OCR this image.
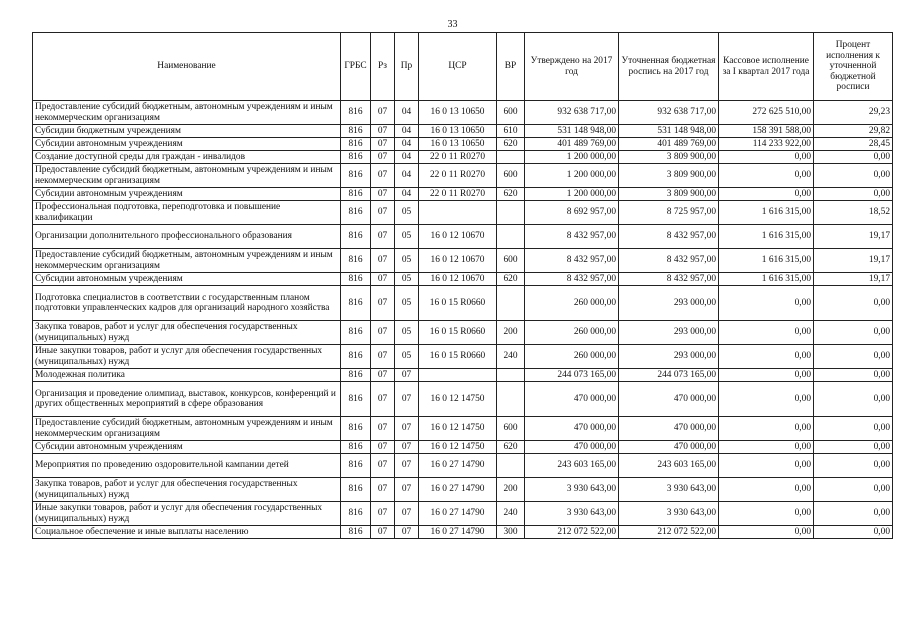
33
Наименование	ГРБС	Рз	Пр	ЦСР	ВР	Утверждено на 2017 год	Уточненная бюджетная роспись на 2017 год	Кассовое исполнение за I квартал 2017 года	Процент исполнения к уточненной бюджетной росписи
Предоставление субсидий бюджетным, автономным учреждениям и иным некоммерческим организациям	816	07	04	16 0 13 10650	600	932 638 717,00	932 638 717,00	272 625 510,00	29,23
Субсидии бюджетным учреждениям	816	07	04	16 0 13 10650	610	531 148 948,00	531 148 948,00	158 391 588,00	29,82
Субсидии автономным учреждениям	816	07	04	16 0 13 10650	620	401 489 769,00	401 489 769,00	114 233 922,00	28,45
Создание доступной среды для граждан - инвалидов	816	07	04	22 0 11 R0270		1 200 000,00	3 809 900,00	0,00	0,00
Предоставление субсидий бюджетным, автономным учреждениям и иным некоммерческим организациям	816	07	04	22 0 11 R0270	600	1 200 000,00	3 809 900,00	0,00	0,00
Субсидии автономным учреждениям	816	07	04	22 0 11 R0270	620	1 200 000,00	3 809 900,00	0,00	0,00
Профессиональная подготовка, переподготовка и повышение квалификации	816	07	05			8 692 957,00	8 725 957,00	1 616 315,00	18,52
Организации дополнительного профессионального образования	816	07	05	16 0 12 10670		8 432 957,00	8 432 957,00	1 616 315,00	19,17
Предоставление субсидий бюджетным, автономным учреждениям и иным некоммерческим организациям	816	07	05	16 0 12 10670	600	8 432 957,00	8 432 957,00	1 616 315,00	19,17
Субсидии автономным учреждениям	816	07	05	16 0 12 10670	620	8 432 957,00	8 432 957,00	1 616 315,00	19,17
Подготовка специалистов в соответствии с государственным планом подготовки управленческих кадров для организаций народного хозяйства	816	07	05	16 0 15 R0660		260 000,00	293 000,00	0,00	0,00
Закупка товаров, работ и услуг для обеспечения государственных (муниципальных) нужд	816	07	05	16 0 15 R0660	200	260 000,00	293 000,00	0,00	0,00
Иные закупки товаров, работ и услуг для обеспечения государственных (муниципальных) нужд	816	07	05	16 0 15 R0660	240	260 000,00	293 000,00	0,00	0,00
Молодежная политика	816	07	07			244 073 165,00	244 073 165,00	0,00	0,00
Организация и проведение олимпиад, выставок, конкурсов, конференций и других общественных мероприятий в сфере образования	816	07	07	16 0 12 14750		470 000,00	470 000,00	0,00	0,00
Предоставление субсидий бюджетным, автономным учреждениям и иным некоммерческим организациям	816	07	07	16 0 12 14750	600	470 000,00	470 000,00	0,00	0,00
Субсидии автономным учреждениям	816	07	07	16 0 12 14750	620	470 000,00	470 000,00	0,00	0,00
Мероприятия по проведению оздоровительной кампании детей	816	07	07	16 0 27 14790		243 603 165,00	243 603 165,00	0,00	0,00
Закупка товаров, работ и услуг для обеспечения государственных (муниципальных) нужд	816	07	07	16 0 27 14790	200	3 930 643,00	3 930 643,00	0,00	0,00
Иные закупки товаров, работ и услуг для обеспечения государственных (муниципальных) нужд	816	07	07	16 0 27 14790	240	3 930 643,00	3 930 643,00	0,00	0,00
Социальное обеспечение и иные выплаты населению	816	07	07	16 0 27 14790	300	212 072 522,00	212 072 522,00	0,00	0,00
